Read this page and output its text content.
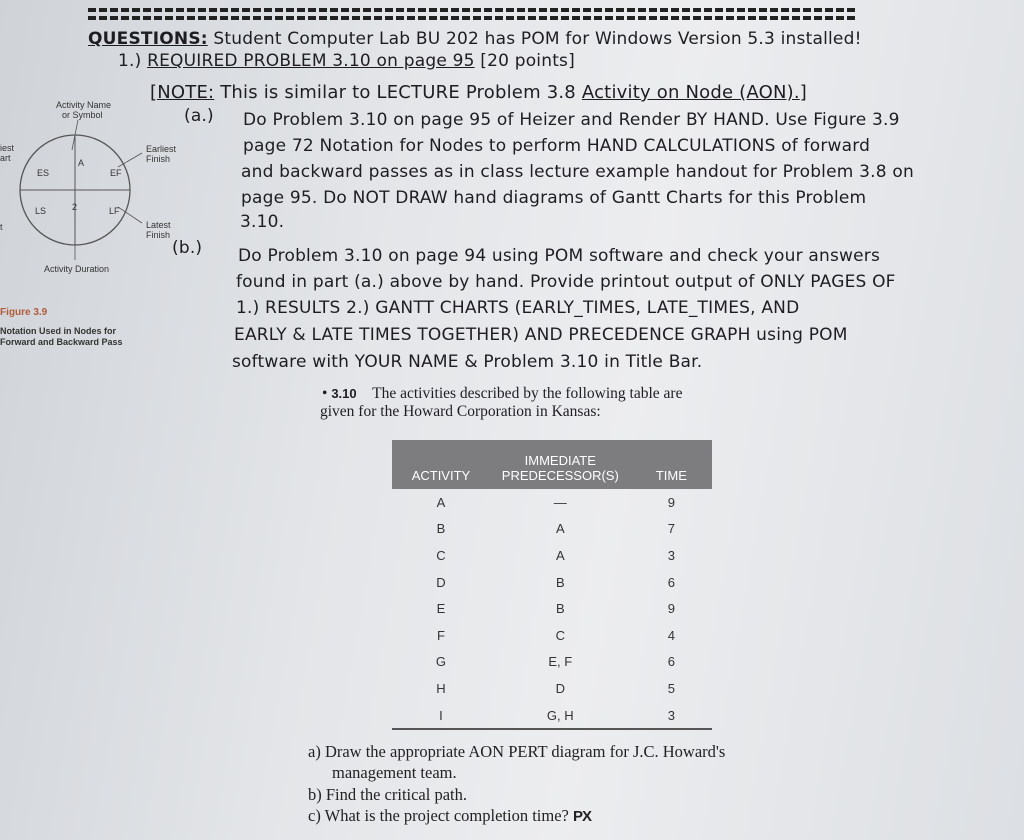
QUESTIONS: Student Computer Lab BU 202 has POM for Windows Version 5.3 installed!
1.) REQUIRED PROBLEM 3.10 on page 95 [20 points]
[NOTE: This is similar to LECTURE Problem 3.8 Activity on Node (AON).]
(a.) Do Problem 3.10 on page 95 of Heizer and Render BY HAND. Use Figure 3.9
page 72 Notation for Nodes to perform HAND CALCULATIONS of forward
and backward passes as in class lecture example handout for Problem 3.8 on
page 95. Do NOT DRAW hand diagrams of Gantt Charts for this Problem
3.10.
(b.) Do Problem 3.10 on page 94 using POM software and check your answers
found in part (a.) above by hand. Provide printout output of ONLY PAGES OF
1.) RESULTS 2.) GANTT CHARTS (EARLY_TIMES, LATE_TIMES, AND
EARLY & LATE TIMES TOGETHER) AND PRECEDENCE GRAPH using POM
software with YOUR NAME & Problem 3.10 in Title Bar.
Activity Name
or Symbol
A
ES	EF
LS	LF
2
Earliest
Finish
Latest
Finish
iest
art
t
Activity Duration
Figure 3.9
Notation Used in Nodes for
Forward and Backward Pass
• 3.10 The activities described by the following table are
given for the Howard Corporation in Kansas:
ACTIVITY	IMMEDIATE PREDECESSOR(S)	TIME
A	—	9
B	A	7
C	A	3
D	B	6
E	B	9
F	C	4
G	E, F	6
H	D	5
I	G, H	3
a) Draw the appropriate AON PERT diagram for J.C. Howard's
management team.
b) Find the critical path.
c) What is the project completion time? PX
